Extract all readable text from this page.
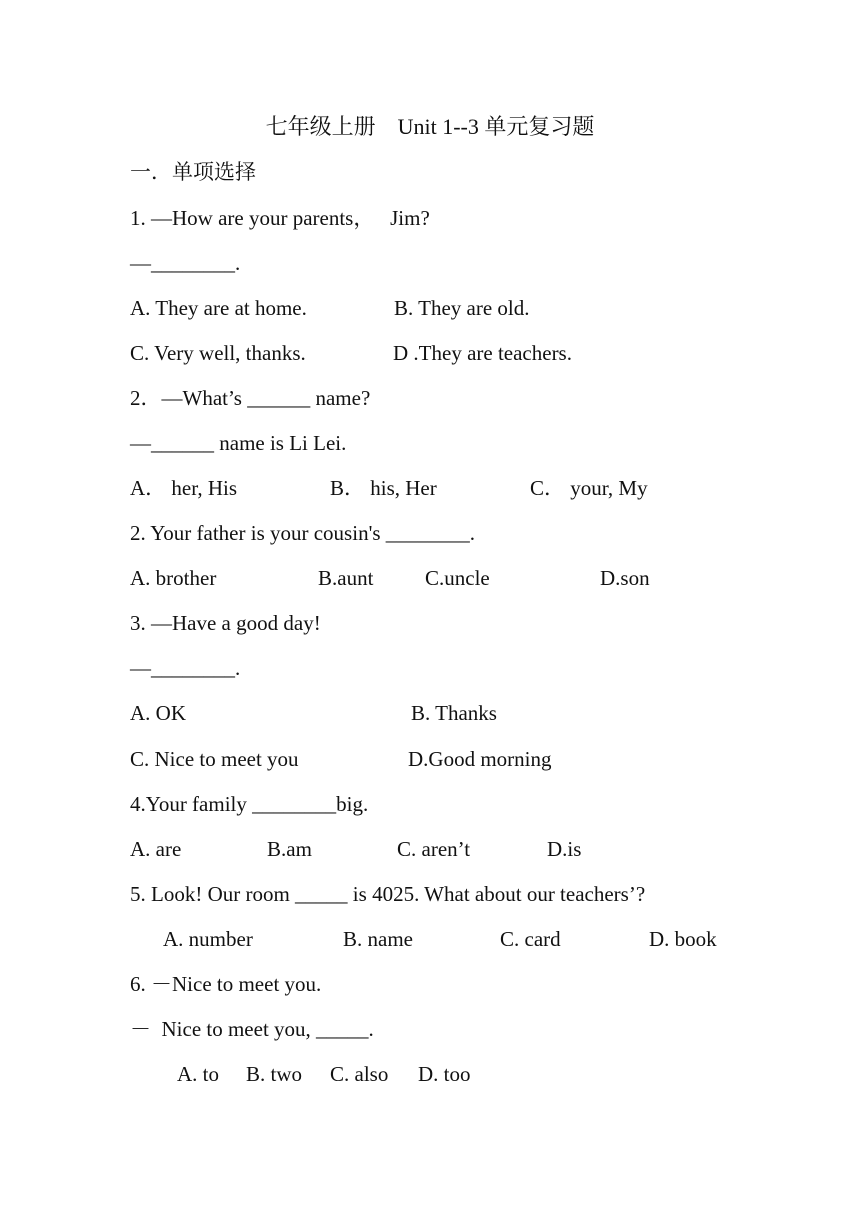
七年级上册    Unit 1--3 单元复习题
一．单项选择
1. —How are your parents，   Jim?
—________.
A. They are at home.	B. They are old.
C. Very well, thanks.	D .They are teachers.
2．—What’s ______ name?
—______ name is Li Lei.
A． her, His	B． his, Her	C． your, My
2. Your father is your cousin's ________.
A. brother	B.aunt C.uncle	D.son
3. —Have a good day!
—________.
A. OK	B. Thanks
C. Nice to meet you	D.Good morning
4.Your family ________big.
A. are	B.am	C. aren’t	D.is
5. Look! Our room _____ is 4025. What about our teachers’?
A. number	B. name	C. card	D. book
6. －Nice to meet you.
－  Nice to meet you, _____.
A. to B. two C. also D. too
